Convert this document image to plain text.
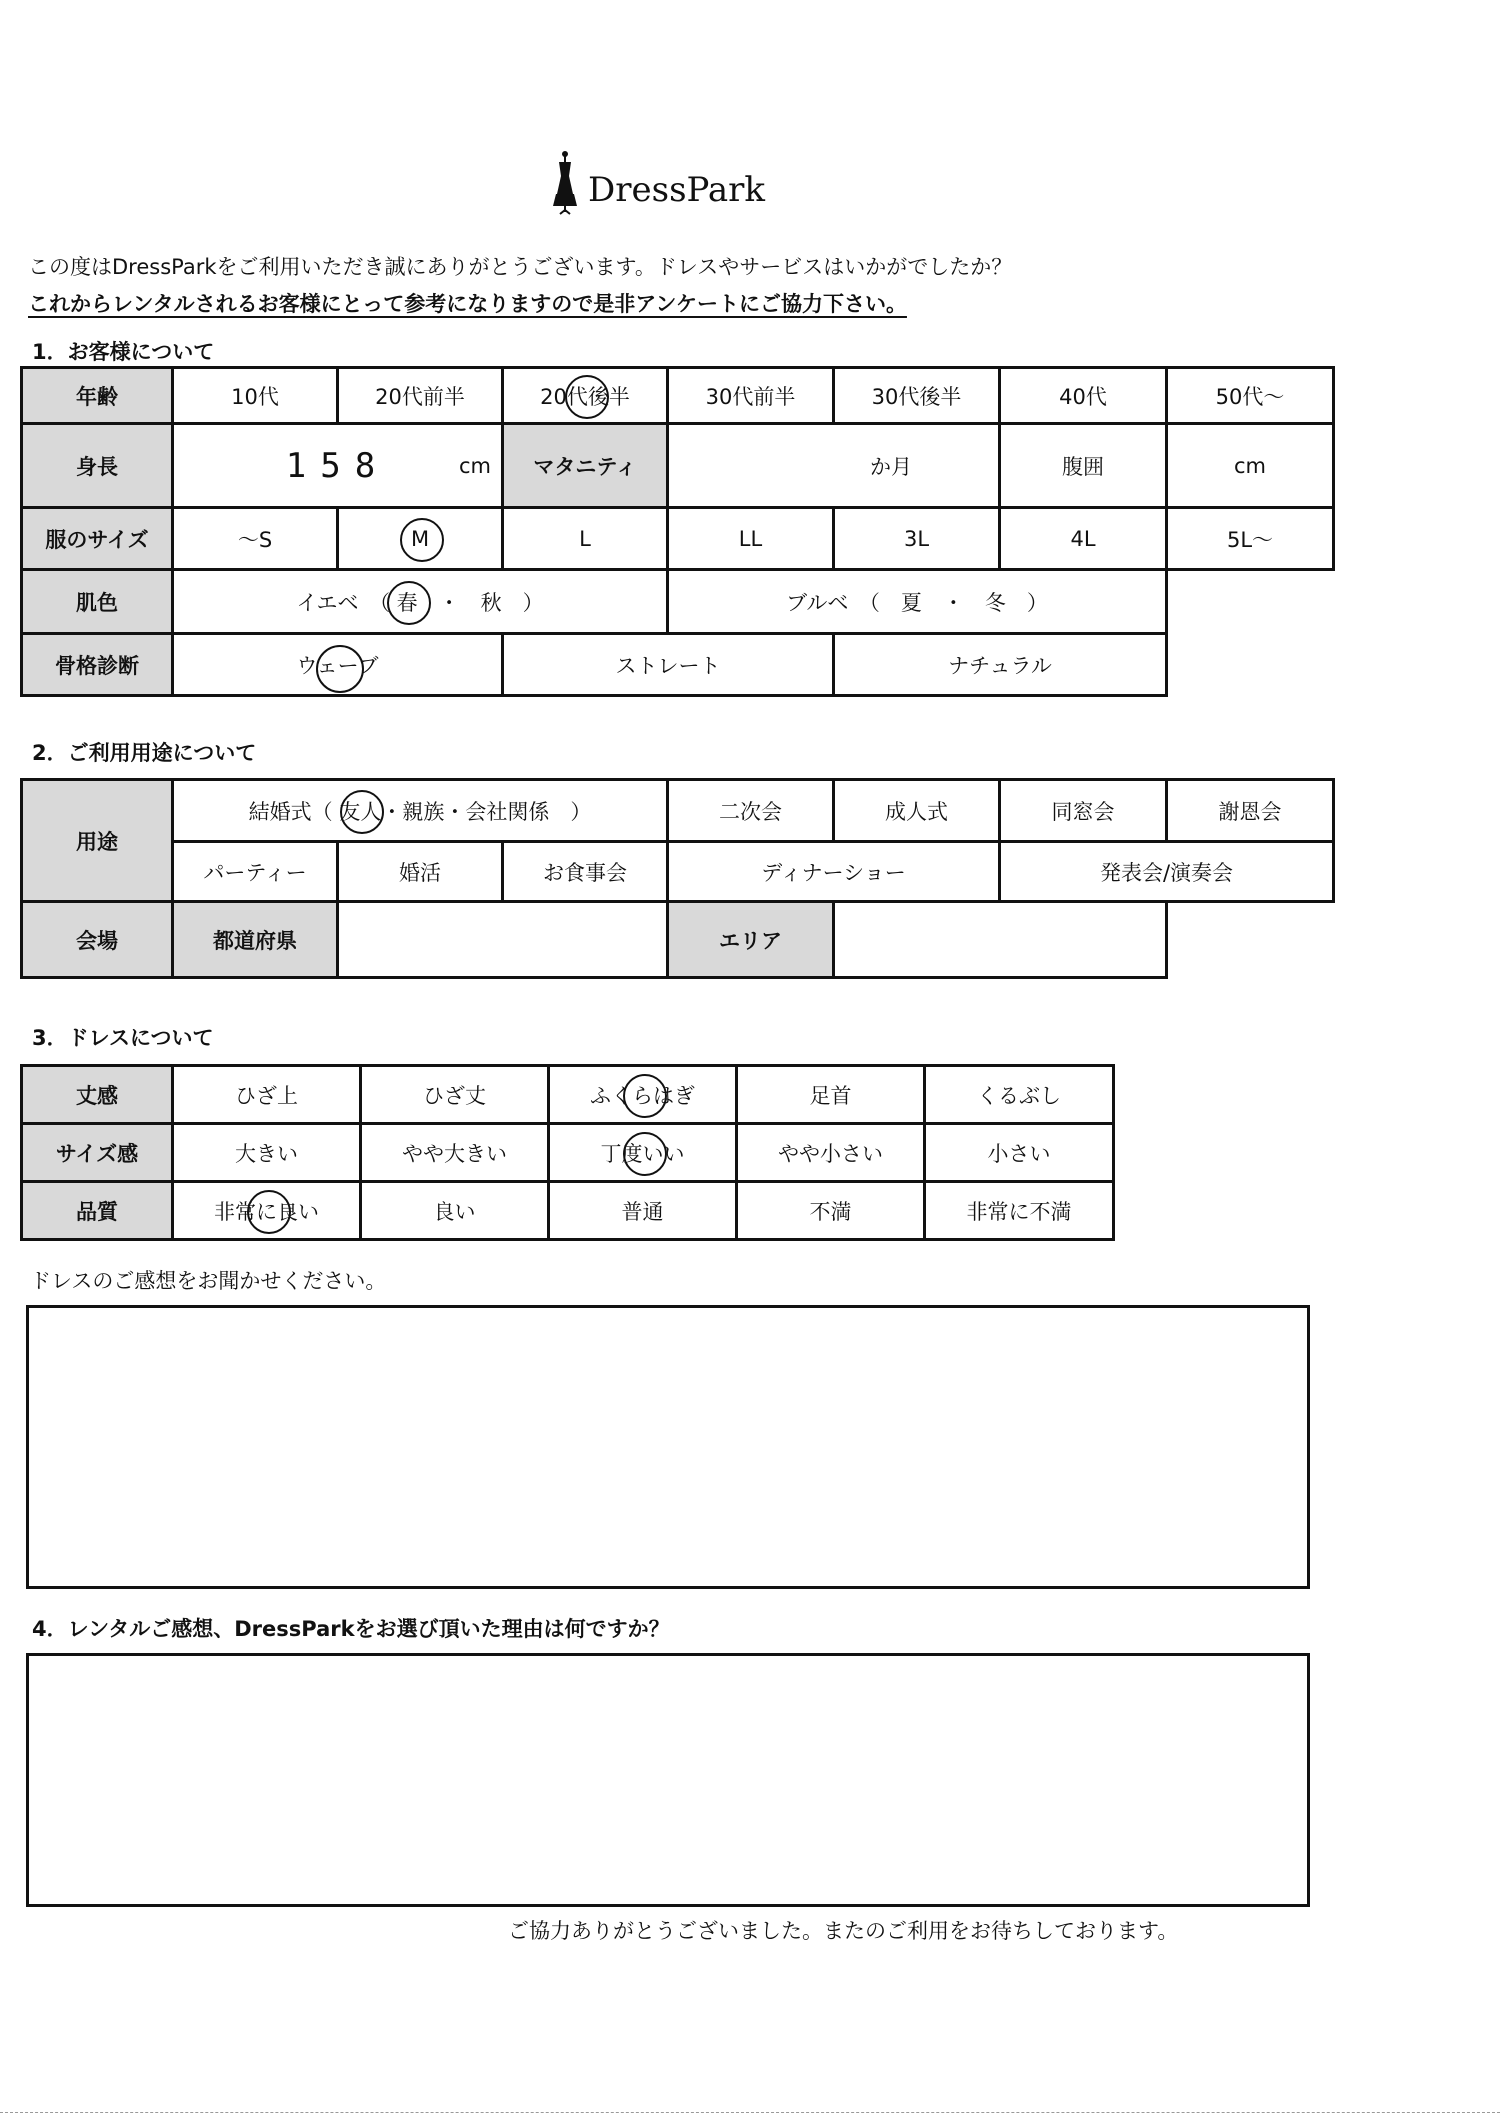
DressPark
この度はDressParkをご利用いただき誠にありがとうございます。ドレスやサービスはいかがでしたか？
これからレンタルされるお客様にとって参考になりますので是非アンケートにご協力下さい。
1．お客様について
年齢	10代	20代前半	20代後半	30代前半	30代後半	40代	50代～
身長	158 cm		マタニティ	か月		腹囲	cm
服のサイズ	～S	M	L	LL	3L	4L	5L～
肌色	イエベ　（ 春　・　秋　）			ブルベ　（　夏　・　冬　）			
骨格診断	ウェーブ		ストレート		ナチュラル		
2．ご利用用途について
用途	結婚式（ 友人・親族・会社関係　）			二次会	成人式	同窓会	謝恩会
	パーティー	婚活	お食事会	ディナーショー		発表会/演奏会	
会場	都道府県			エリア			
3．ドレスについて
丈感	ひざ上	ひざ丈	ふくらはぎ	足首	くるぶし
サイズ感	大きい	やや大きい	丁度いい	やや小さい	小さい
品質	非常に良い	良い	普通	不満	非常に不満
ドレスのご感想をお聞かせください。
4．レンタルご感想、DressParkをお選び頂いた理由は何ですか？
ご協力ありがとうございました。またのご利用をお待ちしております。
